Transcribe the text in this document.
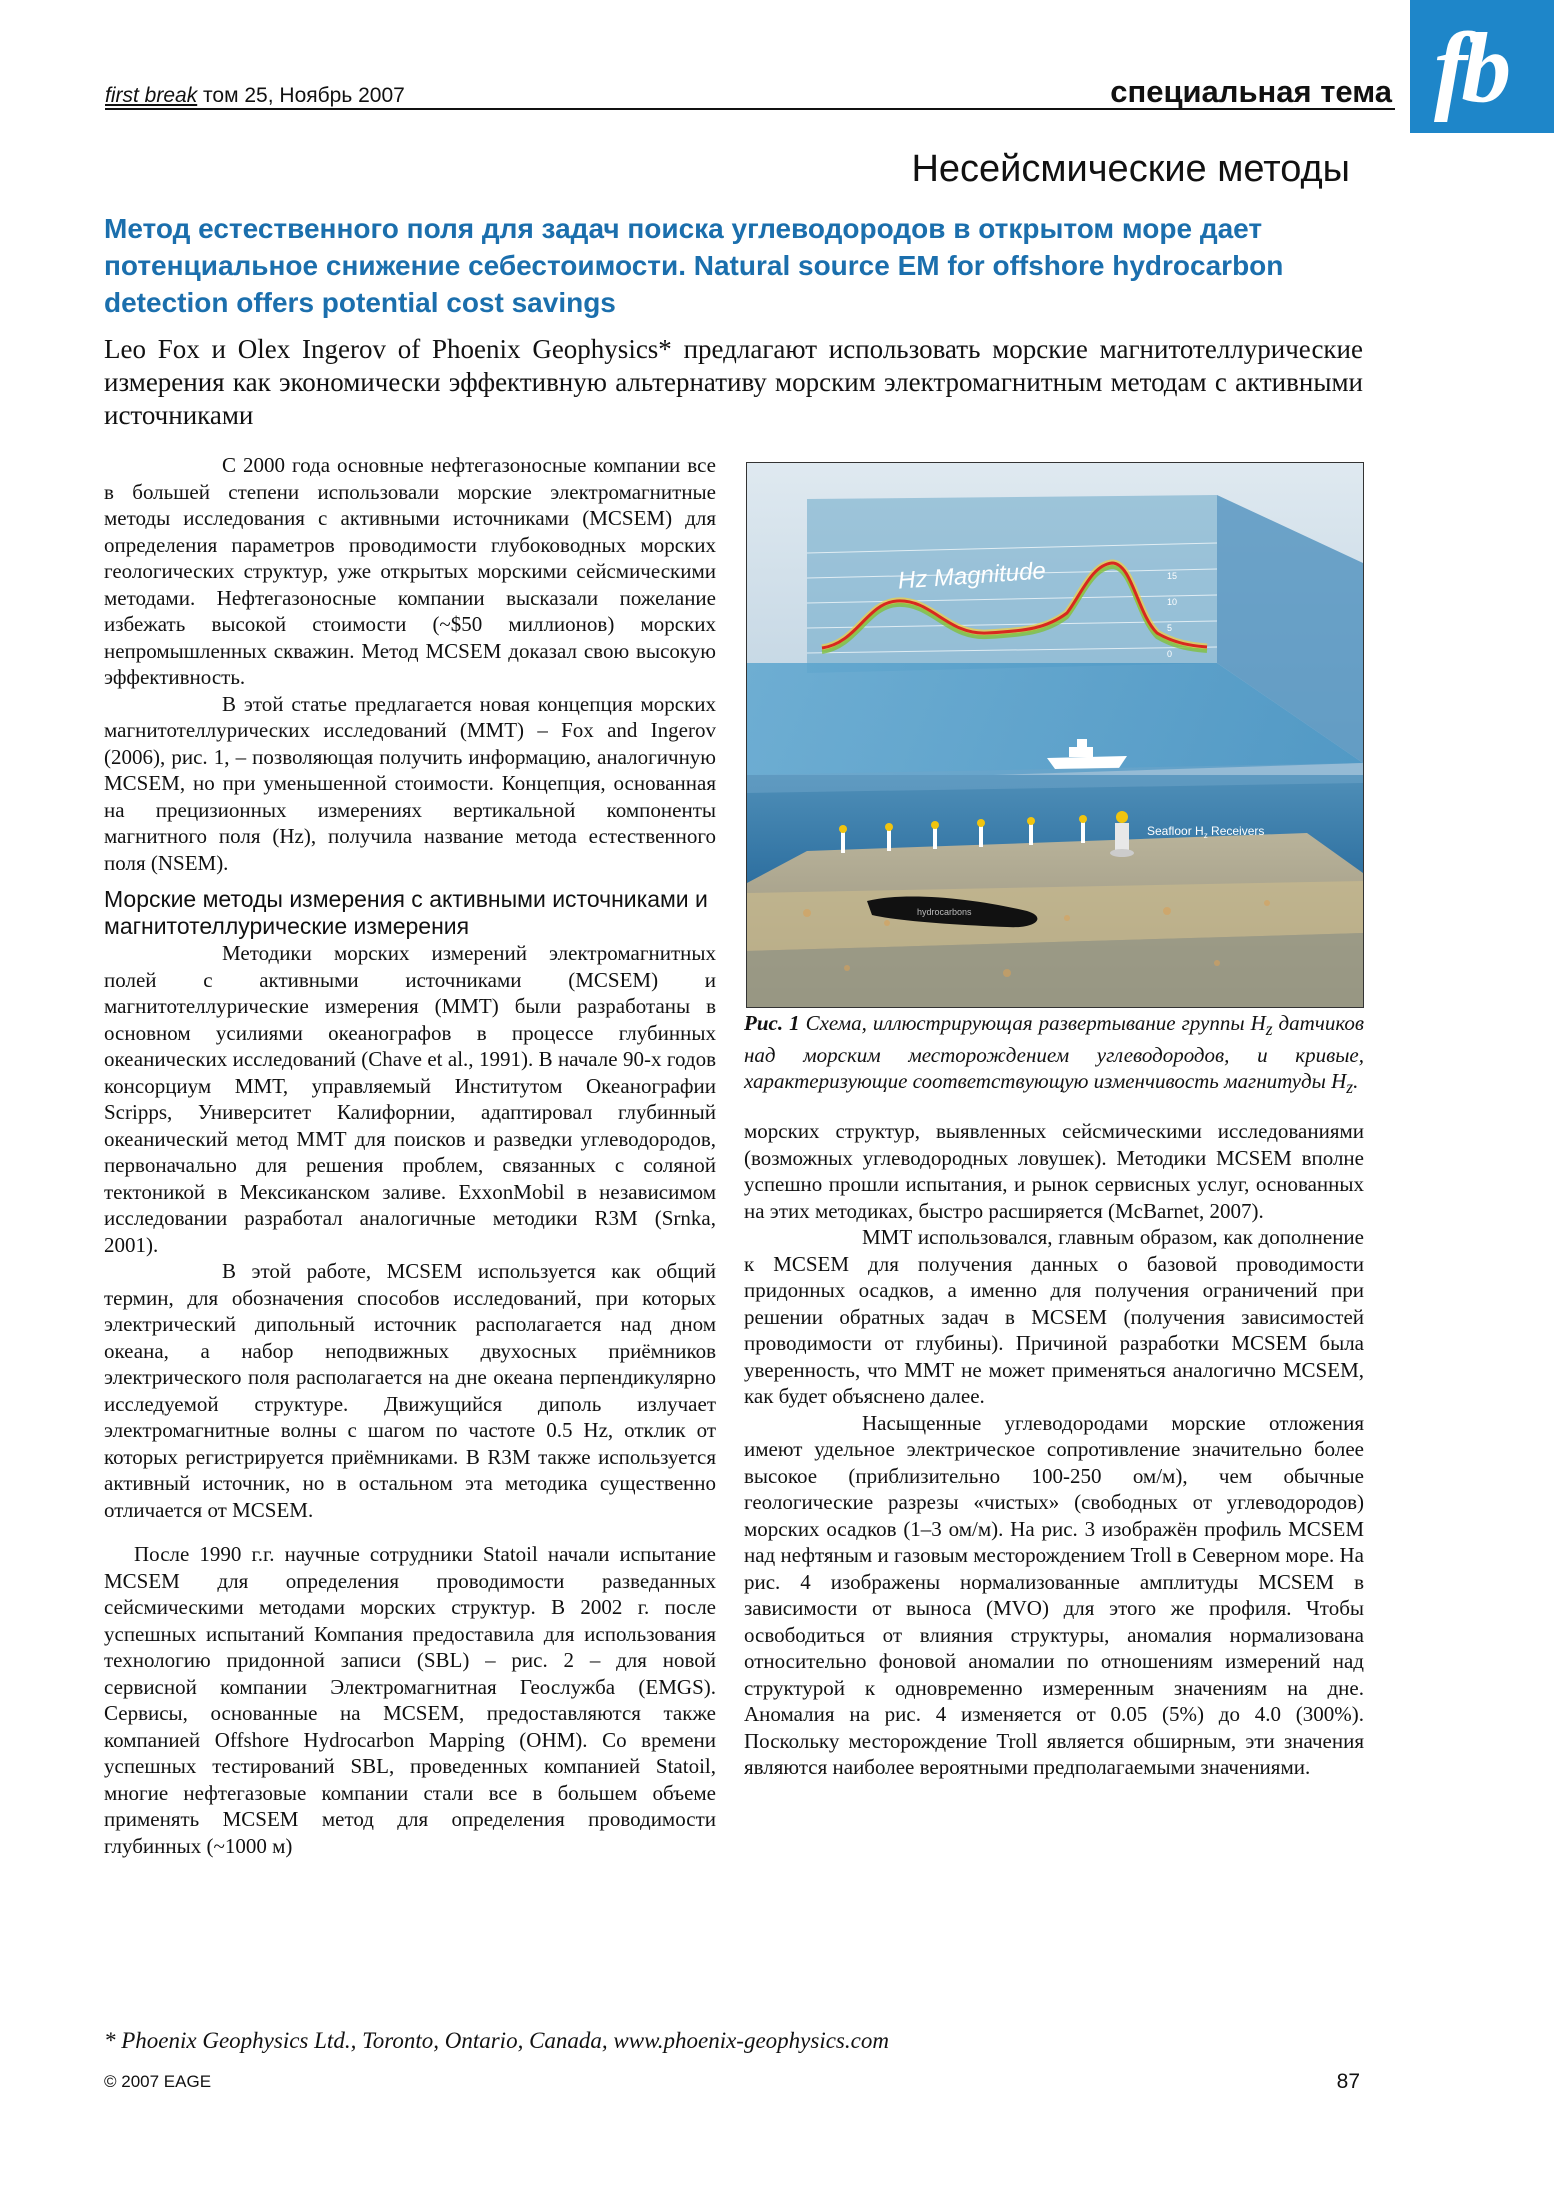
first break том 25, Ноябрь 2007	специальная тема fb
Несейсмические методы
Метод естественного поля для задач поиска углеводородов в открытом море дает потенциальное снижение себестоимости. Natural source EM for offshore hydrocarbon detection offers potential cost savings
Leo Fox и Olex Ingerov of Phoenix Geophysics* предлагают использовать морские магнитотеллурические измерения как экономически эффективную альтернативу морским электромагнитным методам с активными источниками

С 2000 года основные нефтегазоносные компании все в большей степени использовали морские электромагнитные методы исследования с активными источниками (MCSEM) для определения параметров проводимости глубоководных морских геологических структур, уже открытых морскими сейсмическими методами. Нефтегазоносные компании высказали пожелание избежать высокой стоимости (~$50 миллионов) морских непромышленных скважин. Метод MCSEM доказал свою высокую эффективность.

В этой статье предлагается новая концепция морских магнитотеллурических исследований (ММТ) – Fox and Ingerov (2006), рис. 1, – позволяющая получить информацию, аналогичную MCSEM, но при уменьшенной стоимости. Концепция, основанная на прецизионных измерениях вертикальной компоненты магнитного поля (Hz), получила название метода естественного поля (NSEM).

Морские методы измерения с активными источниками и магнитотеллурические измерения

Методики морских измерений электромагнитных полей с активными источниками (MCSEM) и магнитотеллурические измерения (ММТ) были разработаны в основном усилиями океанографов в процессе глубинных океанических исследований (Chave et al., 1991). В начале 90-х годов консорциум ММТ, управляемый Институтом Океанографии Scripps, Университет Калифорнии, адаптировал глубинный океанический метод ММТ для поисков и разведки углеводородов, первоначально для решения проблем, связанных с соляной тектоникой в Мексиканском заливе. ExxonMobil в независимом исследовании разработал аналогичные методики R3M (Srnka, 2001).

В этой работе, MCSEM используется как общий термин, для обозначения способов исследований, при которых электрический дипольный источник располагается над дном океана, а набор неподвижных двухосных приёмников электрического поля располагается на дне океана перпендикулярно исследуемой структуре. Движущийся диполь излучает электромагнитные волны с шагом по частоте 0.5 Hz, отклик от которых регистрируется приёмниками. В R3M также используется активный источник, но в остальном эта методика существенно отличается от MCSEM.

После 1990 г.г. научные сотрудники Statoil начали испытание MCSEM для определения проводимости разведанных сейсмическими методами морских структур. В 2002 г. после успешных испытаний Компания предоставила для использования технологию придонной записи (SBL) – рис. 2 – для новой сервисной компании Электромагнитная Геослужба (EMGS). Сервисы, основанные на MCSEM, предоставляются также компанией Offshore Hydrocarbon Mapping (OHM). Со времени успешных тестирований SBL, проведенных компанией Statoil, многие нефтегазовые компании стали все в большем объеме применять MCSEM метод для определения проводимости глубинных (~1000 м)

Hz Magnitude	15
10
5
0
hydrocarbons
Seafloor $H_z$ Receivers
Рис. 1 Схема, иллюстрирующая развертывание группы $H_z$ датчиков над морским месторождением углеводородов, и кривые, характеризующие соответствующую изменчивость магнитуды $H_z$.

морских структур, выявленных сейсмическими исследованиями (возможных углеводородных ловушек). Методики MCSEM вполне успешно прошли испытания, и рынок сервисных услуг, основанных на этих методиках, быстро расширяется (McBarnet, 2007).

ММТ использовался, главным образом, как дополнение к MCSEM для получения данных о базовой проводимости придонных осадков, а именно для получения ограничений при решении обратных задач в MCSEM (получения зависимостей проводимости от глубины). Причиной разработки MCSEM была уверенность, что ММТ не может применяться аналогично MCSEM, как будет объяснено далее.

Насыщенные углеводородами морские отложения имеют удельное электрическое сопротивление значительно более высокое (приблизительно 100-250 ом/м), чем обычные геологические разрезы «чистых» (свободных от углеводородов) морских осадков (1–3 ом/м). На рис. 3 изображён профиль MCSEM над нефтяным и газовым месторождением Troll в Северном море. На рис. 4 изображены нормализованные амплитуды MCSEM в зависимости от выноса (MVO) для этого же профиля. Чтобы освободиться от влияния структуры, аномалия нормализована относительно фоновой аномалии по отношениям измерений над структурой к одновременно измеренным значениям на дне. Аномалия на рис. 4 изменяется от 0.05 (5%) до 4.0 (300%). Поскольку месторождение Troll является обширным, эти значения являются наиболее вероятными предполагаемыми значениями.

* Phoenix Geophysics Ltd., Toronto, Ontario, Canada, www.phoenix-geophysics.com
© 2007 EAGE	87
